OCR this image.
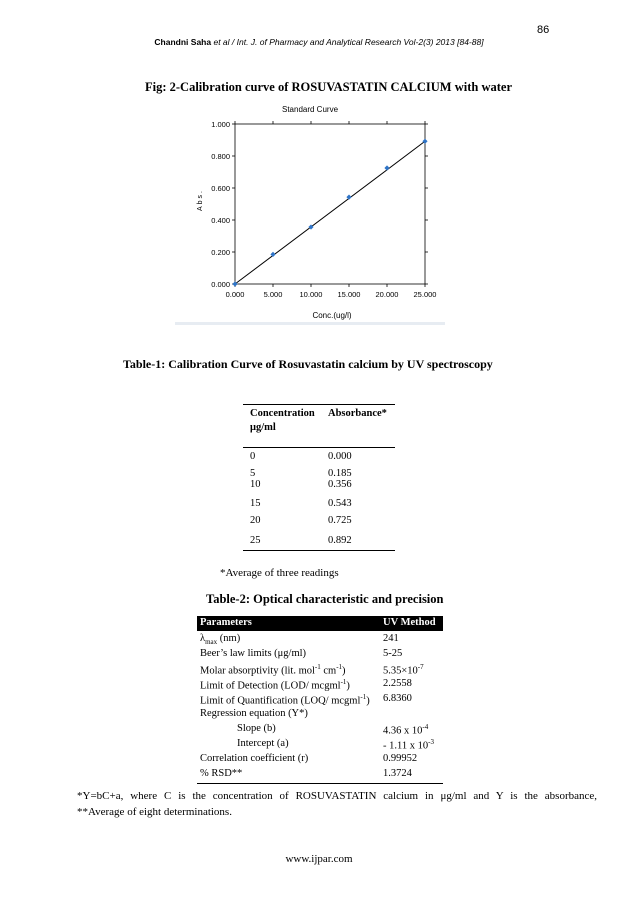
86
Chandni Saha et al / Int. J. of Pharmacy and Analytical Research Vol-2(3) 2013 [84-88]
Fig: 2-Calibration curve of ROSUVASTATIN CALCIUM with water
Standard Curve
Abs.
Conc.(ug/l)
0.000
0.200
0.400
0.600
0.800
1.000
0.000	5.000 10.000 15.000 20.000 25.000
Table-1: Calibration Curve of Rosuvastatin calcium by UV spectroscopy
Concentration Absorbance*
μg/ml
0	0.000
5	0.185
10	0.356
15	0.543
20	0.725
25	0.892
*Average of three readings
Table-2: Optical characteristic and precision
Parameters	UV Method
$\lambda_{max}$ (nm)	241
Beer’s law limits (μg/ml)	5-25
Molar absorptivity (lit. mol$^{-1}$ $cm^{-1}$)	$5.35\times 10^{-7}$
Limit of Detection (LOD/ mcgml$^{-1}$)	2.2558
Limit of Quantification (LOQ/ mcgml$^{-1}$) 6.8360
Regression equation (Y*)
Slope (b)	4.36 x $10^{-4}$
Intercept (a)	- 1.11 x $10^{-3}$
Correlation coefficient (r)	0.99952
% RSD**	1.3724
*Y=bC+a, where C is the concentration of ROSUVASTATIN calcium in μg/ml and Y is the absorbance,
**Average of eight determinations.
www.ijpar.com
